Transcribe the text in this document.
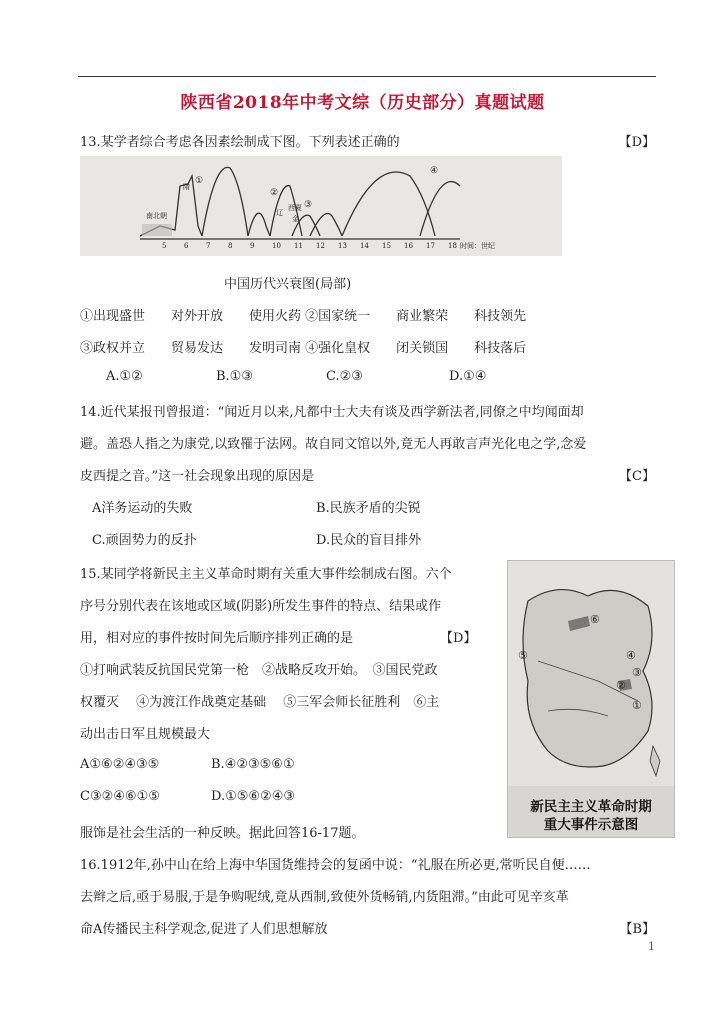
陕西省2018年中考文综（历史部分）真题试题
13.某学者综合考虑各因素绘制成下图。下列表述正确的	【D】
南北朝
隋
辽
西夏
金
时间：世纪
①
②
③
④
5	6	7	8	9	10 11 12 13 14 15 16 17 18
中国历代兴衰图(局部)
①出现盛世　　对外开放　　使用火药 ②国家统一　　商业繁荣　　科技领先
③政权并立　　贸易发达　　发明司南 ④强化皇权　　闭关锁国　　科技落后
A.①②	B.①③	C.②③	D.①④
14.近代某报刊曾报道：“闻近月以来,凡都中士大夫有谈及西学新法者,同僚之中均闻面却
避。盖恐人指之为康党,以致罹于法网。故自同文馆以外,竟无人再敢言声光化电之学,念爱
皮西提之音。”这一社会现象出现的原因是	【C】
A洋务运动的失败	B.民族矛盾的尖锐
C.顽固势力的反扑	D.民众的盲目排外
15.某同学将新民主主义革命时期有关重大事件绘制成右图。六个
序号分别代表在该地或区域(阴影)所发生事件的特点、结果或作
用，相对应的事件按时间先后顺序排列正确的是	【D】
①打响武装反抗国民党第一枪　②战略反攻开始。　③国民党政
权覆灭　 ④为渡江作战奠定基础　 ⑤三军会师长征胜利　⑥主
动出击日军且规模最大
A①⑥②④③⑤	B.④②③⑤⑥①
C③②④⑥①⑤	D.①⑤⑥②④③
⑥
⑤	④
③
②
①
新民主主义革命时期
重大事件示意图
服饰是社会生活的一种反映。据此回答16-17题。
16.1912年,孙中山在给上海中华国货维持会的复函中说：“礼服在所必更,常听民自便……
去辫之后,亟于易服,于是争购呢绒,竟从西制,致使外货畅销,内货阻滞。”由此可见辛亥革
命A传播民主科学观念,促进了人们思想解放	【B】
1
